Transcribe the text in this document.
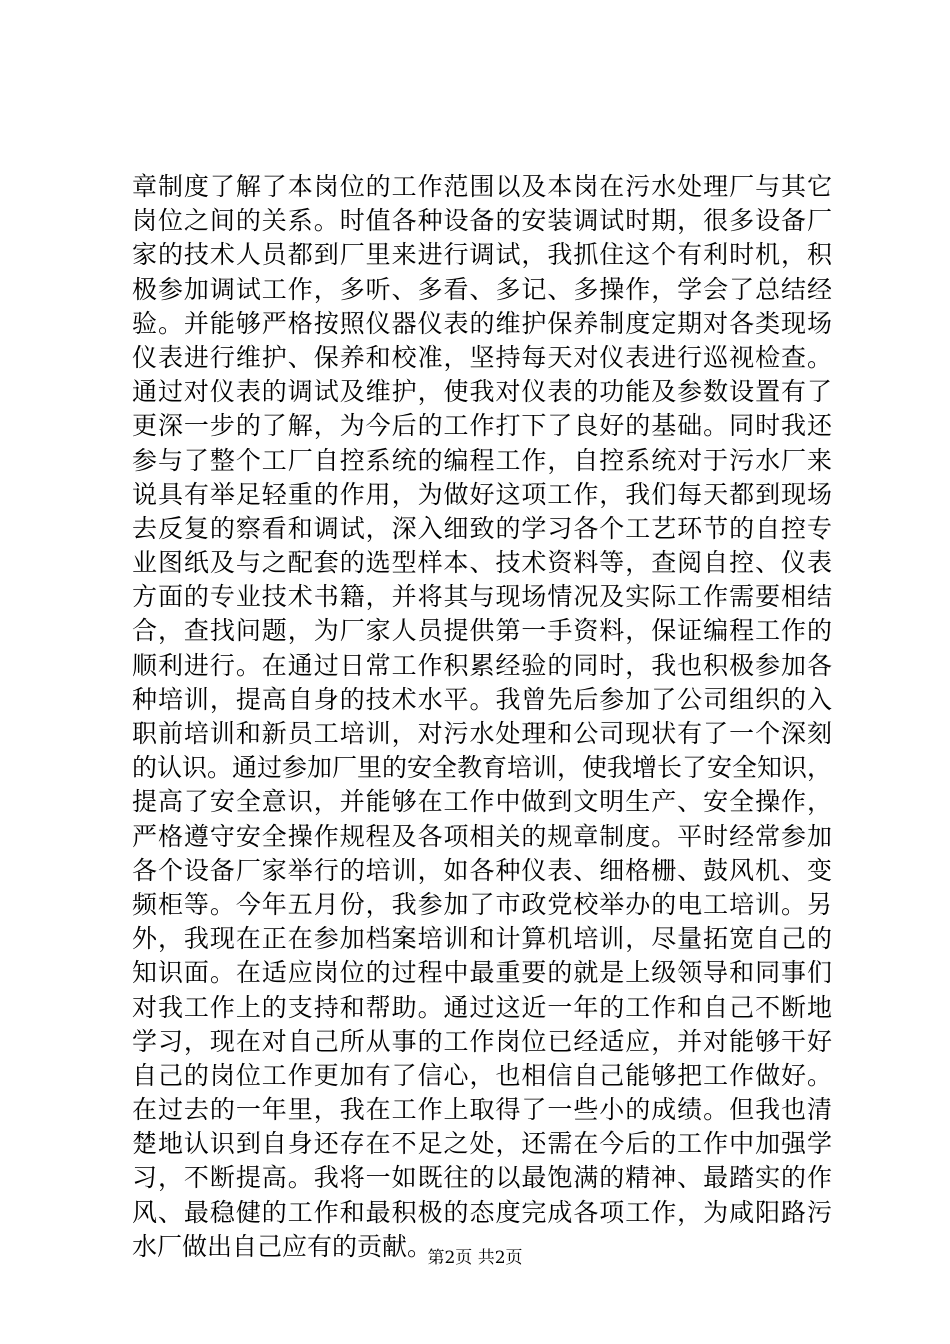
章制度了解了本岗位的工作范围以及本岗在污水处理厂与其它
岗位之间的关系。时值各种设备的安装调试时期，很多设备厂
家的技术人员都到厂里来进行调试，我抓住这个有利时机，积
极参加调试工作，多听、多看、多记、多操作，学会了总结经
验。并能够严格按照仪器仪表的维护保养制度定期对各类现场
仪表进行维护、保养和校准，坚持每天对仪表进行巡视检查。
通过对仪表的调试及维护，使我对仪表的功能及参数设置有了
更深一步的了解，为今后的工作打下了良好的基础。同时我还
参与了整个工厂自控系统的编程工作，自控系统对于污水厂来
说具有举足轻重的作用，为做好这项工作，我们每天都到现场
去反复的察看和调试，深入细致的学习各个工艺环节的自控专
业图纸及与之配套的选型样本、技术资料等，查阅自控、仪表
方面的专业技术书籍，并将其与现场情况及实际工作需要相结
合，查找问题，为厂家人员提供第一手资料，保证编程工作的
顺利进行。在通过日常工作积累经验的同时，我也积极参加各
种培训，提高自身的技术水平。我曾先后参加了公司组织的入
职前培训和新员工培训，对污水处理和公司现状有了一个深刻
的认识。通过参加厂里的安全教育培训，使我增长了安全知识，
提高了安全意识，并能够在工作中做到文明生产、安全操作，
严格遵守安全操作规程及各项相关的规章制度。平时经常参加
各个设备厂家举行的培训，如各种仪表、细格栅、鼓风机、变
频柜等。今年五月份，我参加了市政党校举办的电工培训。另
外，我现在正在参加档案培训和计算机培训，尽量拓宽自己的
知识面。在适应岗位的过程中最重要的就是上级领导和同事们
对我工作上的支持和帮助。通过这近一年的工作和自己不断地
学习，现在对自己所从事的工作岗位已经适应，并对能够干好
自己的岗位工作更加有了信心，也相信自己能够把工作做好。
在过去的一年里，我在工作上取得了一些小的成绩。但我也清
楚地认识到自身还存在不足之处，还需在今后的工作中加强学
习，不断提高。我将一如既往的以最饱满的精神、最踏实的作
风、最稳健的工作和最积极的态度完成各项工作，为咸阳路污
水厂做出自己应有的贡献。
第2页 共2页
